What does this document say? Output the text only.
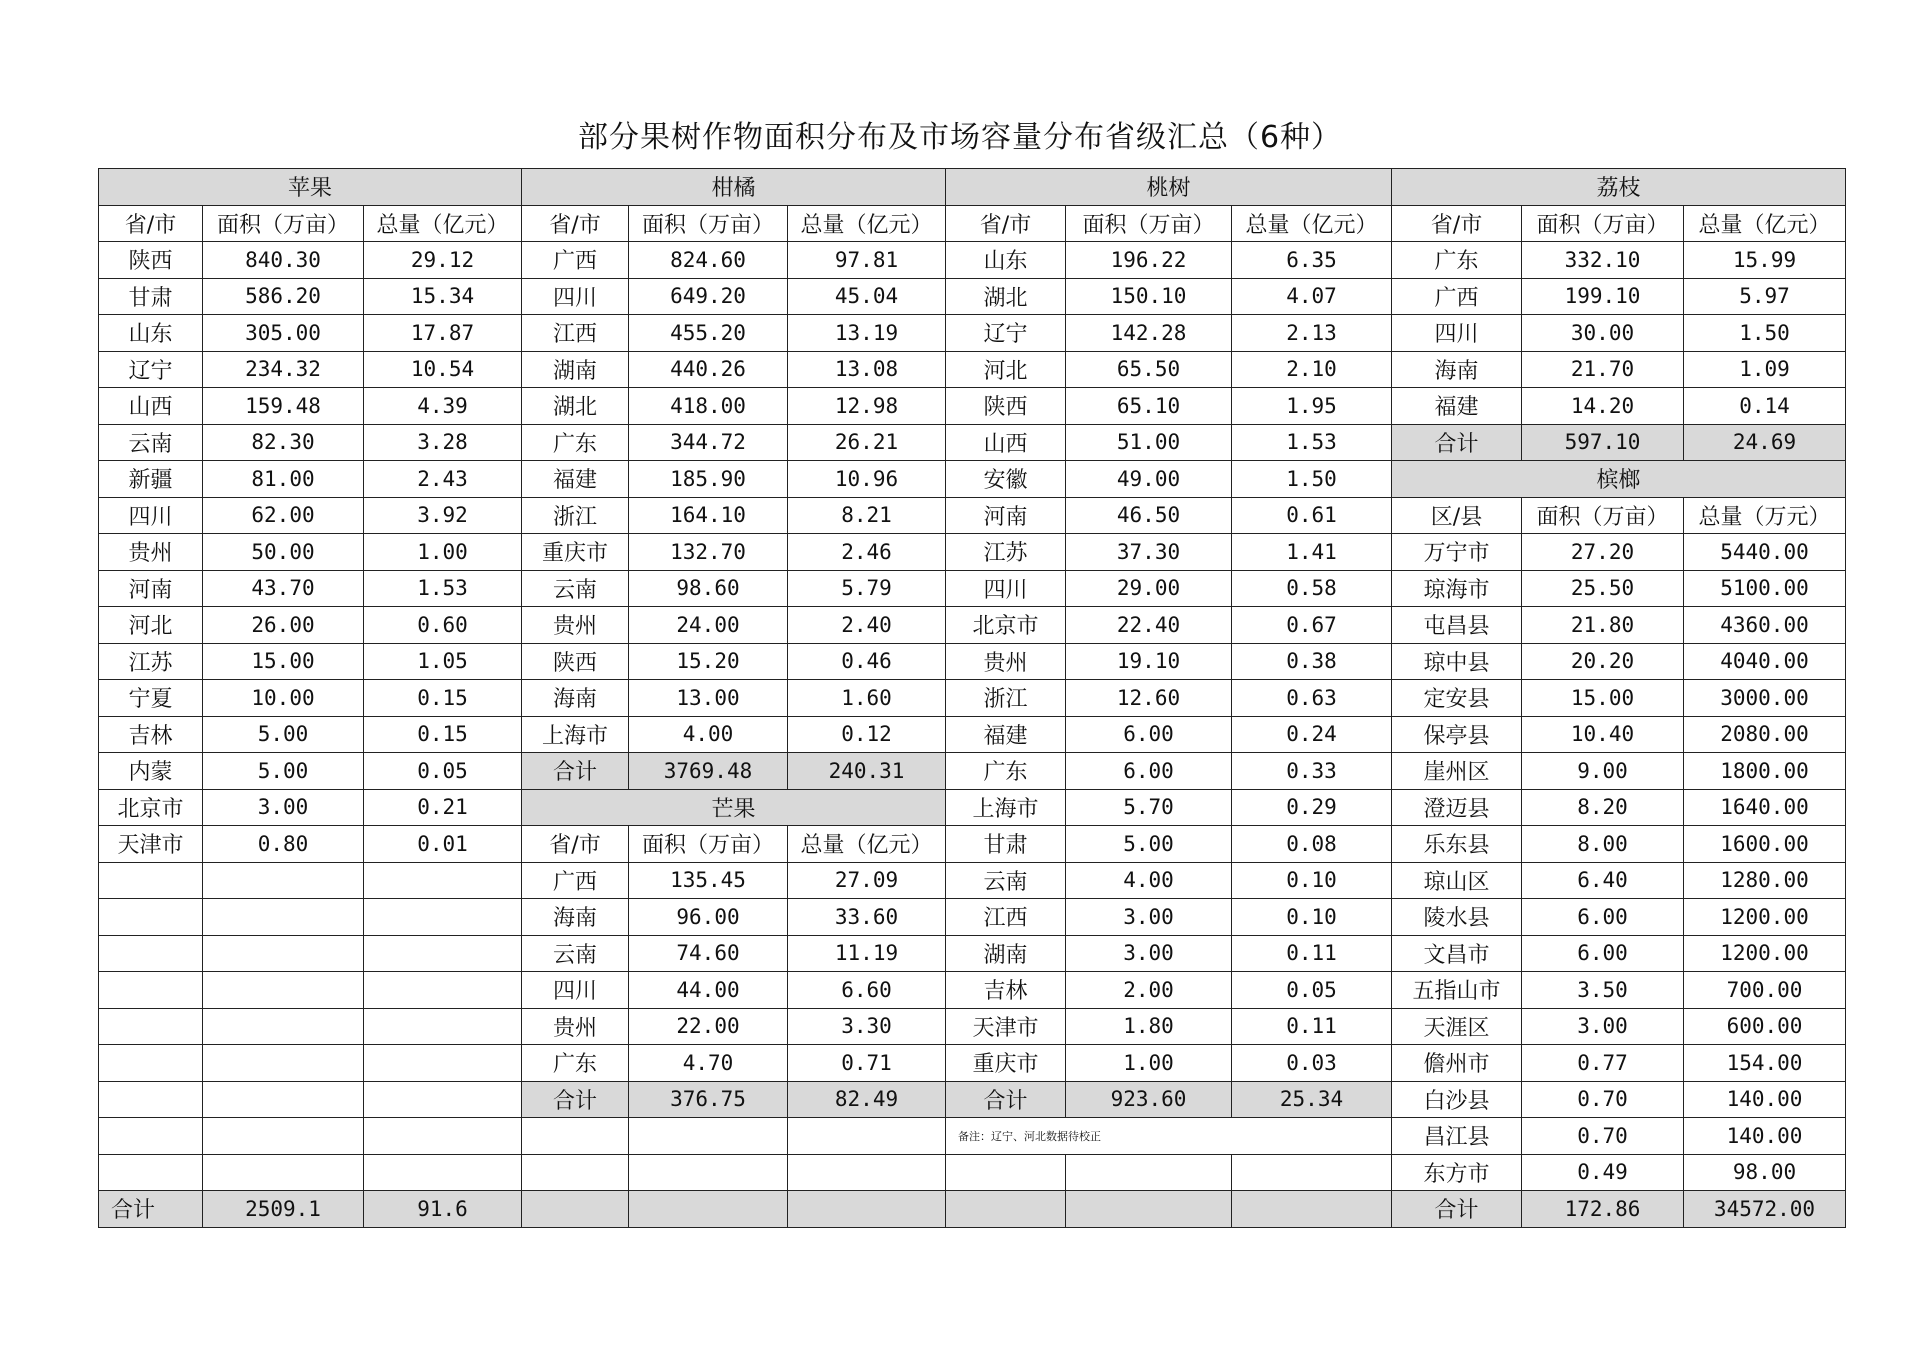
部分果树作物面积分布及市场容量分布省级汇总（6种）
苹果			柑橘			桃树			荔枝		
省/市	面积（万亩）	总量（亿元）	省/市	面积（万亩）	总量（亿元）	省/市	面积（万亩）	总量（亿元）	省/市	面积（万亩）	总量（亿元）
陕西	840.30	29.12	广西	824.60	97.81	山东	196.22	6.35	广东	332.10	15.99
甘肃	586.20	15.34	四川	649.20	45.04	湖北	150.10	4.07	广西	199.10	5.97
山东	305.00	17.87	江西	455.20	13.19	辽宁	142.28	2.13	四川	30.00	1.50
辽宁	234.32	10.54	湖南	440.26	13.08	河北	65.50	2.10	海南	21.70	1.09
山西	159.48	4.39	湖北	418.00	12.98	陕西	65.10	1.95	福建	14.20	0.14
云南	82.30	3.28	广东	344.72	26.21	山西	51.00	1.53	合计	597.10	24.69
新疆	81.00	2.43	福建	185.90	10.96	安徽	49.00	1.50	槟榔		
四川	62.00	3.92	浙江	164.10	8.21	河南	46.50	0.61	区/县	面积（万亩）	总量（万元）
贵州	50.00	1.00	重庆市	132.70	2.46	江苏	37.30	1.41	万宁市	27.20	5440.00
河南	43.70	1.53	云南	98.60	5.79	四川	29.00	0.58	琼海市	25.50	5100.00
河北	26.00	0.60	贵州	24.00	2.40	北京市	22.40	0.67	屯昌县	21.80	4360.00
江苏	15.00	1.05	陕西	15.20	0.46	贵州	19.10	0.38	琼中县	20.20	4040.00
宁夏	10.00	0.15	海南	13.00	1.60	浙江	12.60	0.63	定安县	15.00	3000.00
吉林	5.00	0.15	上海市	4.00	0.12	福建	6.00	0.24	保亭县	10.40	2080.00
内蒙	5.00	0.05	合计	3769.48	240.31	广东	6.00	0.33	崖州区	9.00	1800.00
北京市	3.00	0.21	芒果			上海市	5.70	0.29	澄迈县	8.20	1640.00
天津市	0.80	0.01	省/市	面积（万亩）	总量（亿元）	甘肃	5.00	0.08	乐东县	8.00	1600.00
			广西	135.45	27.09	云南	4.00	0.10	琼山区	6.40	1280.00
			海南	96.00	33.60	江西	3.00	0.10	陵水县	6.00	1200.00
			云南	74.60	11.19	湖南	3.00	0.11	文昌市	6.00	1200.00
			四川	44.00	6.60	吉林	2.00	0.05	五指山市	3.50	700.00
			贵州	22.00	3.30	天津市	1.80	0.11	天涯区	3.00	600.00
			广东	4.70	0.71	重庆市	1.00	0.03	儋州市	0.77	154.00
			合计	376.75	82.49	合计	923.60	25.34	白沙县	0.70	140.00
						备注：辽宁、河北数据待校正			昌江县	0.70	140.00
									东方市	0.49	98.00
合计	2509.1	91.6							合计	172.86	34572.00
